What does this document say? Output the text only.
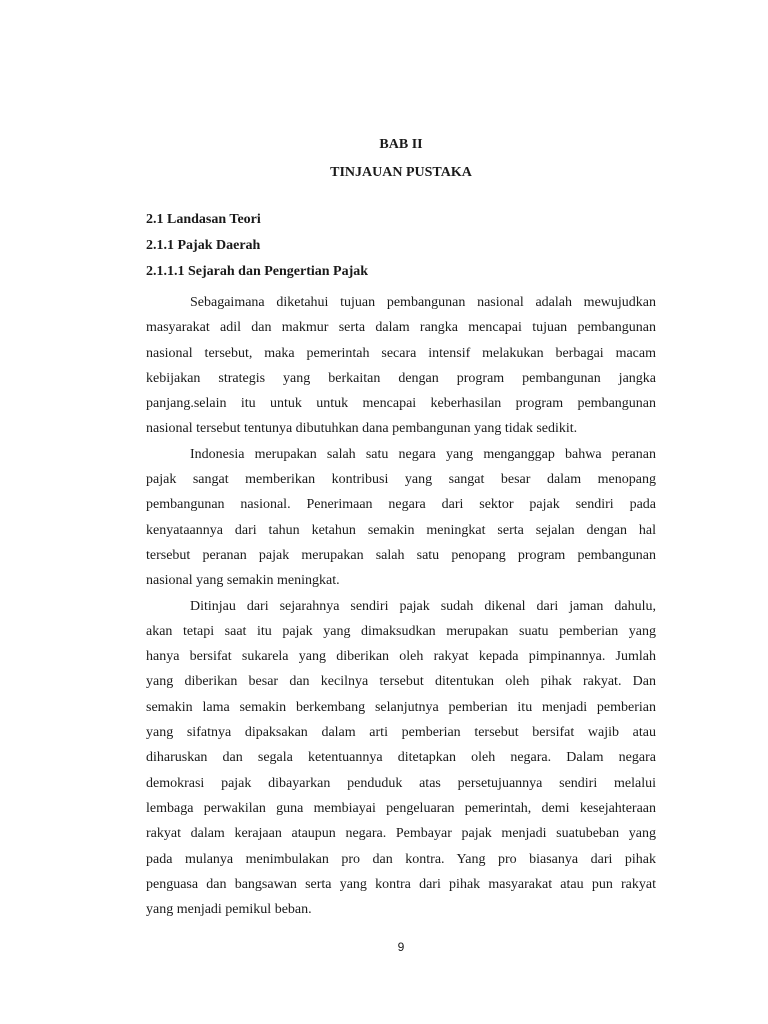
BAB II
TINJAUAN PUSTAKA
2.1 Landasan Teori
2.1.1 Pajak Daerah
2.1.1.1 Sejarah dan Pengertian Pajak

Sebagaimana diketahui tujuan pembangunan nasional adalah mewujudkan
masyarakat adil dan makmur serta dalam rangka mencapai tujuan pembangunan
nasional tersebut, maka pemerintah secara intensif melakukan berbagai macam
kebijakan strategis yang berkaitan dengan program pembangunan jangka
panjang.selain itu untuk untuk mencapai keberhasilan program pembangunan
nasional tersebut tentunya dibutuhkan dana pembangunan yang tidak sedikit.

Indonesia merupakan salah satu negara yang menganggap bahwa peranan
pajak sangat memberikan kontribusi yang sangat besar dalam menopang
pembangunan nasional. Penerimaan negara dari sektor pajak sendiri pada
kenyataannya dari tahun ketahun semakin meningkat serta sejalan dengan hal
tersebut peranan pajak merupakan salah satu penopang program pembangunan
nasional yang semakin meningkat.

Ditinjau dari sejarahnya sendiri pajak sudah dikenal dari jaman dahulu,
akan tetapi saat itu pajak yang dimaksudkan merupakan suatu pemberian yang
hanya bersifat sukarela yang diberikan oleh rakyat kepada pimpinannya. Jumlah
yang diberikan besar dan kecilnya tersebut ditentukan oleh pihak rakyat. Dan
semakin lama semakin berkembang selanjutnya pemberian itu menjadi pemberian
yang sifatnya dipaksakan dalam arti pemberian tersebut bersifat wajib atau
diharuskan dan segala ketentuannya ditetapkan oleh negara. Dalam negara
demokrasi pajak dibayarkan penduduk atas persetujuannya sendiri melalui
lembaga perwakilan guna membiayai pengeluaran pemerintah, demi kesejahteraan
rakyat dalam kerajaan ataupun negara. Pembayar pajak menjadi suatubeban yang
pada mulanya menimbulakan pro dan kontra. Yang pro biasanya dari pihak
penguasa dan bangsawan serta yang kontra dari pihak masyarakat atau pun rakyat
yang menjadi pemikul beban.

9
